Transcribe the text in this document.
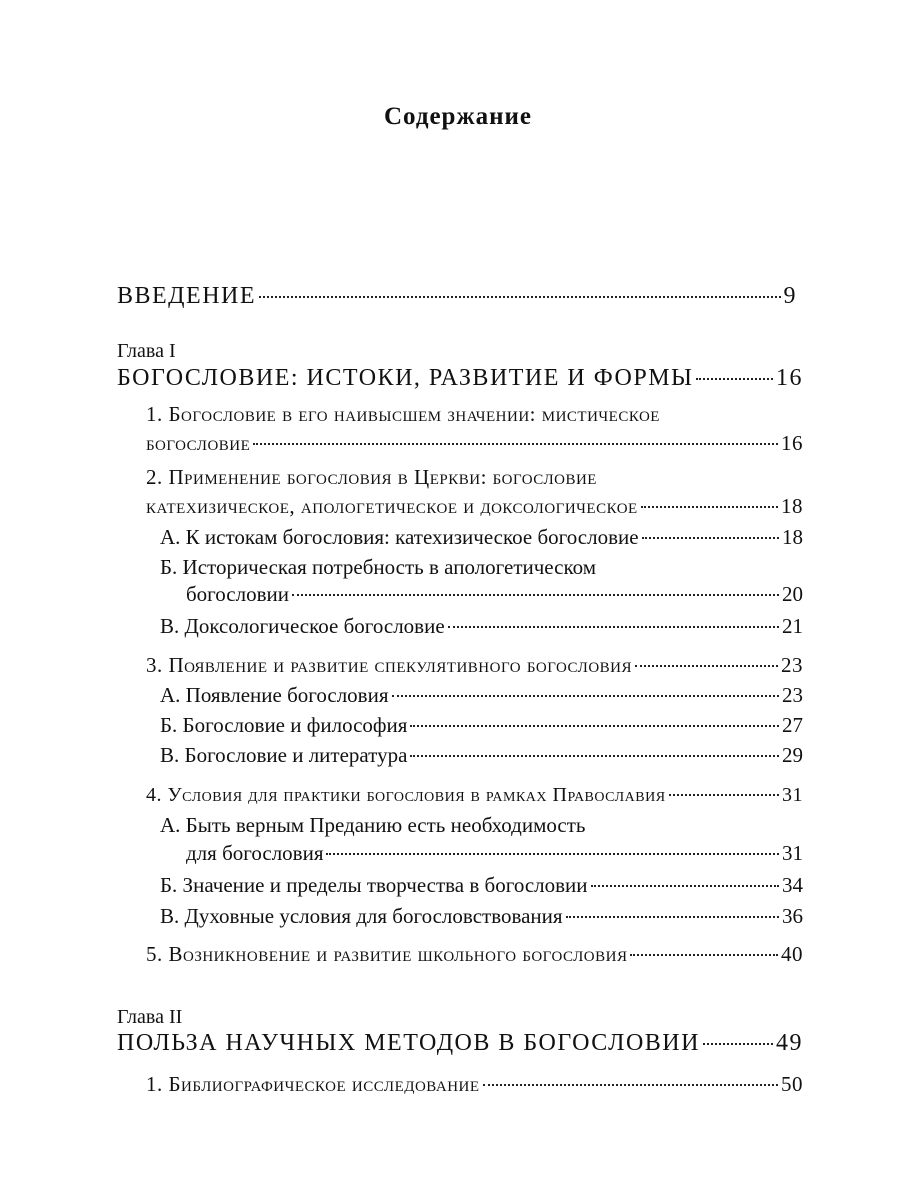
Содержание
ВВЕДЕНИЕ	9
Глава I
БОГОСЛОВИЕ: ИСТОКИ, РАЗВИТИЕ И ФОРМЫ	16
1. Богословие в его наивысшем значении: мистическое
богословие	16
2. Применение богословия в Церкви: богословие
катехизическое, апологетическое и доксологическое	18
А. К истокам богословия: катехизическое богословие	18
Б. Историческая потребность в апологетическом
богословии	20
В. Доксологическое богословие	21
3. Появление и развитие спекулятивного богословия	23
А. Появление богословия	23
Б. Богословие и философия	27
В. Богословие и литература	29
4. Условия для практики богословия в рамках Православия	31
А. Быть верным Преданию есть необходимость
для богословия	31
Б. Значение и пределы творчества в богословии	34
В. Духовные условия для богословствования	36
5. Возникновение и развитие школьного богословия	40
Глава II
ПОЛЬЗА НАУЧНЫХ МЕТОДОВ В БОГОСЛОВИИ	49
1. Библиографическое исследование	50
